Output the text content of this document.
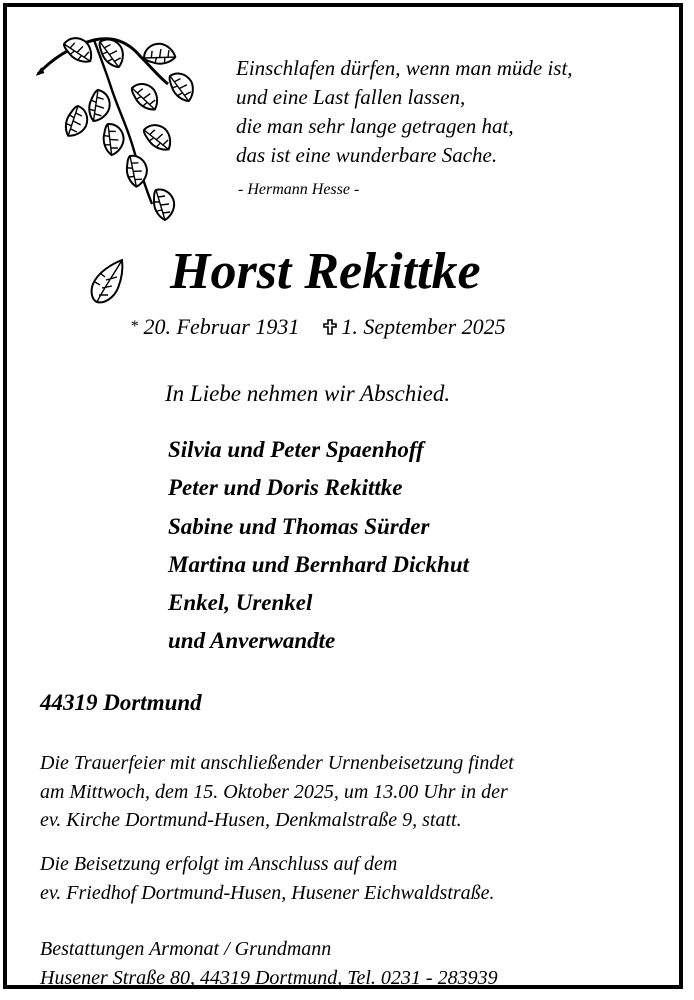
Einschlafen dürfen, wenn man müde ist,
und eine Last fallen lassen,
die man sehr lange getragen hat,
das ist eine wunderbare Sache.
- Hermann Hesse -
Horst Rekittke
* 20. Februar 1931 1. September 2025
In Liebe nehmen wir Abschied.
Silvia und Peter Spaenhoff
Peter und Doris Rekittke
Sabine und Thomas Sürder
Martina und Bernhard Dickhut
Enkel, Urenkel
und Anverwandte
44319 Dortmund
Die Trauerfeier mit anschließender Urnenbeisetzung findet
am Mittwoch, dem 15. Oktober 2025, um 13.00 Uhr in der
ev. Kirche Dortmund-Husen, Denkmalstraße 9, statt.
Die Beisetzung erfolgt im Anschluss auf dem
ev. Friedhof Dortmund-Husen, Husener Eichwaldstraße.
Bestattungen Armonat / Grundmann
Husener Straße 80, 44319 Dortmund, Tel. 0231 - 283939
